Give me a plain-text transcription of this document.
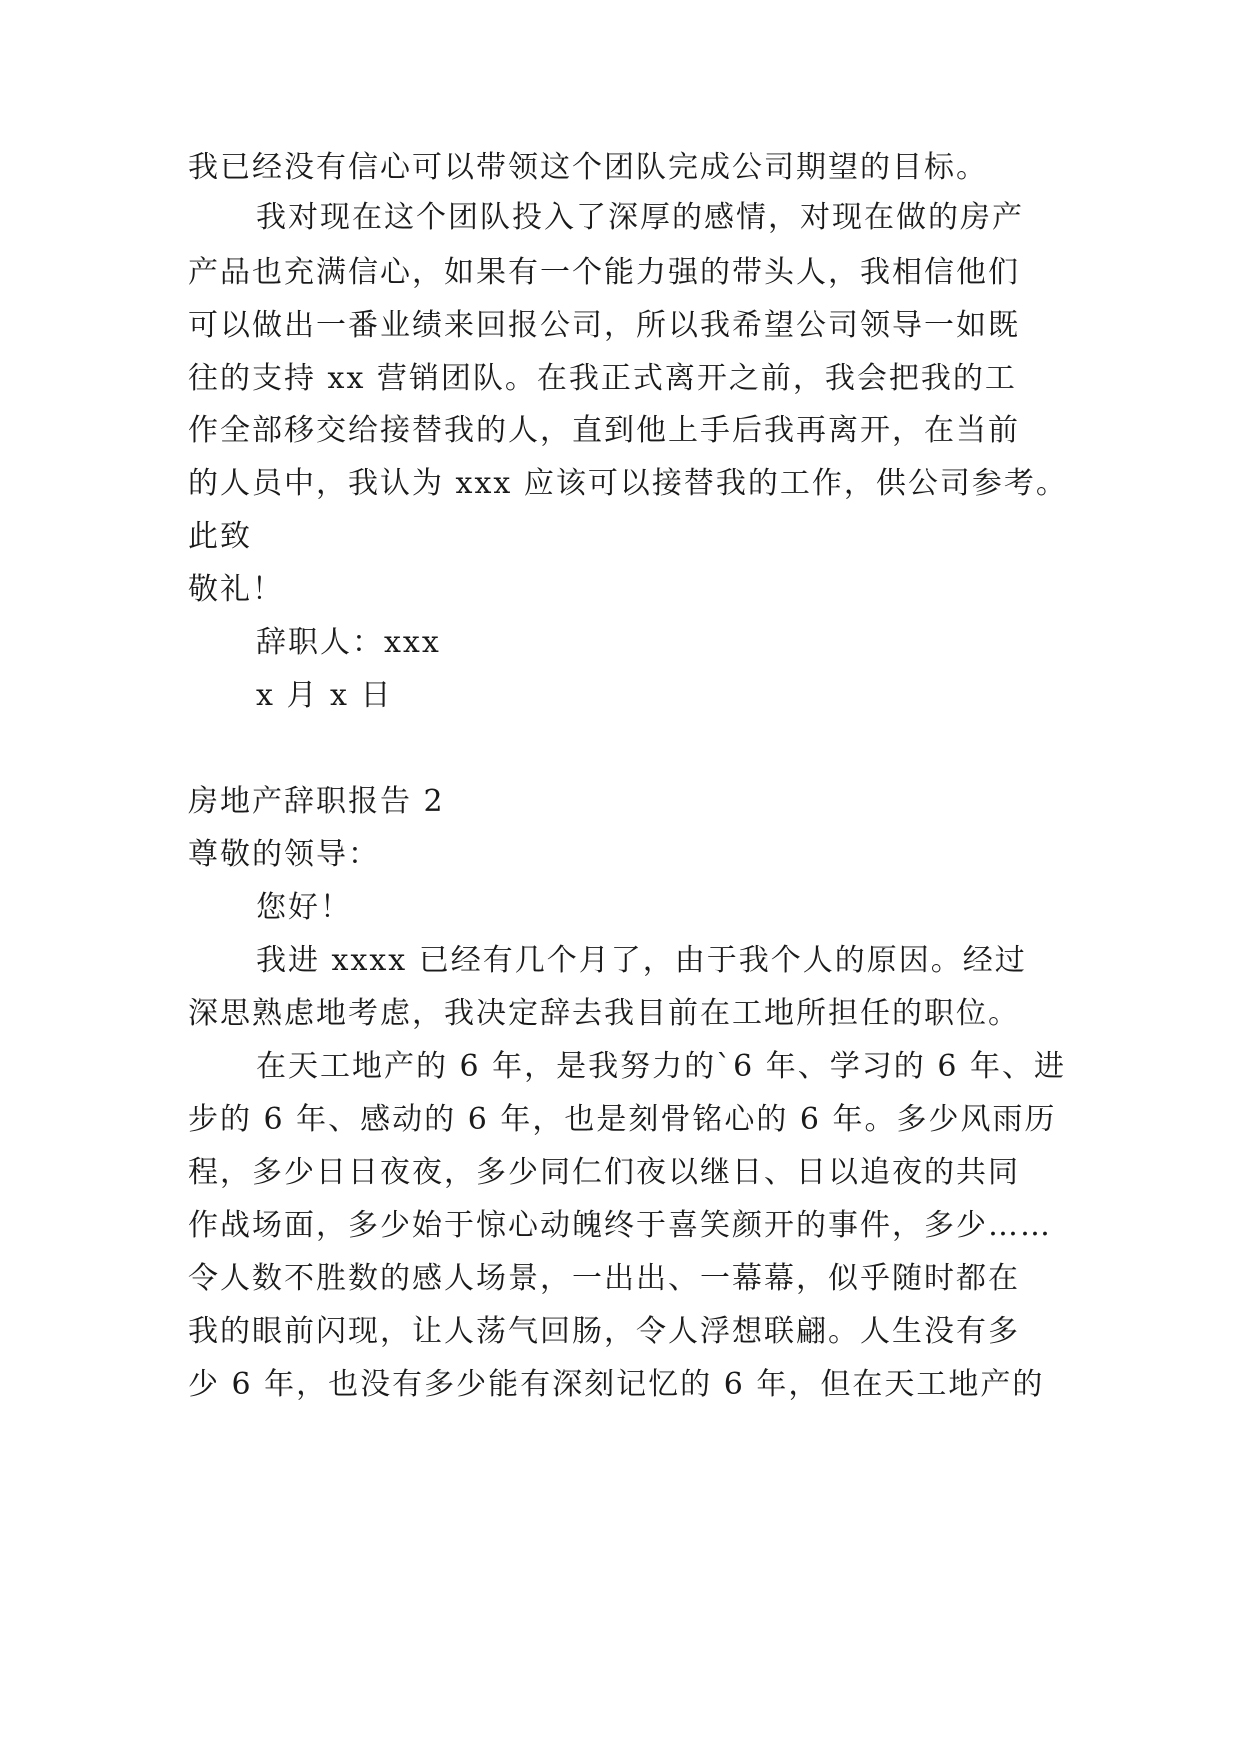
我已经没有信心可以带领这个团队完成公司期望的目标。
我对现在这个团队投入了深厚的感情，对现在做的房产
产品也充满信心，如果有一个能力强的带头人，我相信他们
可以做出一番业绩来回报公司，所以我希望公司领导一如既
往的支持 xx 营销团队。在我正式离开之前，我会把我的工
作全部移交给接替我的人，直到他上手后我再离开，在当前
的人员中，我认为 xxx 应该可以接替我的工作，供公司参考。
此致
敬礼！
辞职人：xxx
x 月 x 日
房地产辞职报告 2
尊敬的领导：
您好！
我进 xxxx 已经有几个月了，由于我个人的原因。经过
深思熟虑地考虑，我决定辞去我目前在工地所担任的职位。
在天工地产的 6 年，是我努力的`6 年、学习的 6 年、进
步的 6 年、感动的 6 年，也是刻骨铭心的 6 年。多少风雨历
程，多少日日夜夜，多少同仁们夜以继日、日以追夜的共同
作战场面，多少始于惊心动魄终于喜笑颜开的事件，多少……
令人数不胜数的感人场景，一出出、一幕幕，似乎随时都在
我的眼前闪现，让人荡气回肠，令人浮想联翩。人生没有多
少 6 年，也没有多少能有深刻记忆的 6 年，但在天工地产的
